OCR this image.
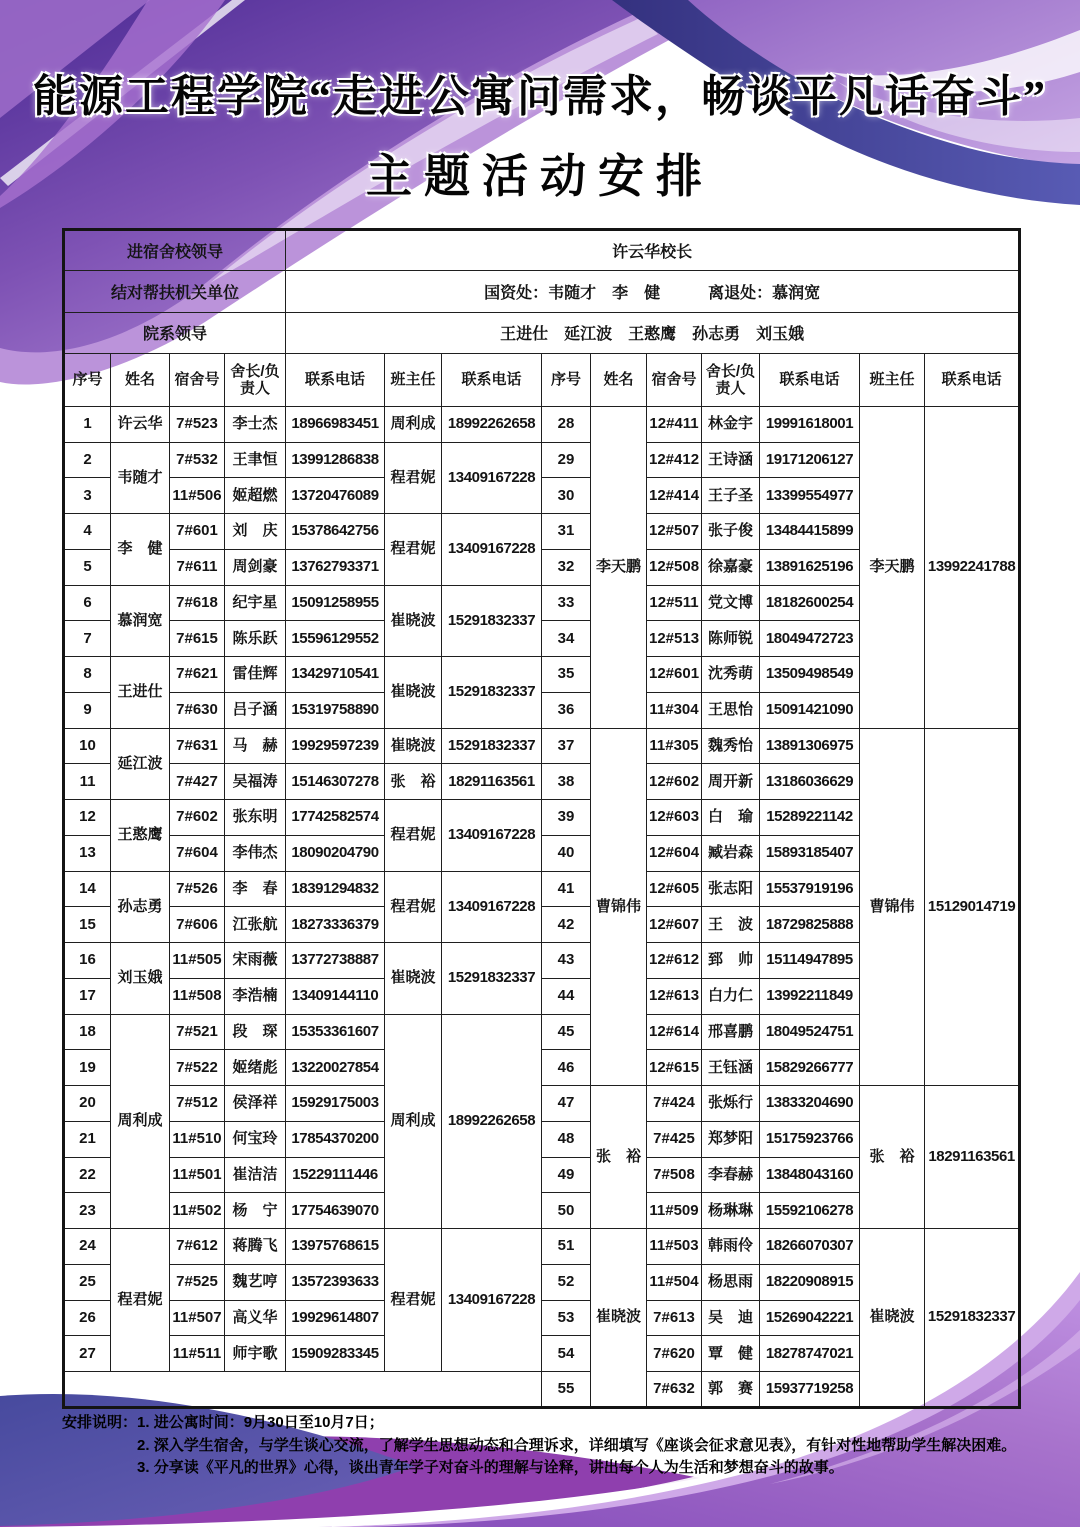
能源工程学院“走进公寓问需求，畅谈平凡话奋斗”
主题活动安排
进宿舍校领导				许云华校长									
结对帮扶机关单位				国资处：韦随才　李　健　　　离退处：慕润宽									
院系领导				王进仕　延江波　王憨鹰　孙志勇　刘玉娥									
序号	姓名	宿舍号	舍长/负责人	联系电话	班主任	联系电话	序号	姓名	宿舍号	舍长/负责人	联系电话	班主任	联系电话
1	许云华	7#523	李士杰	18966983451	周利成	18992262658	28	李天鹏	12#411	林金宇	19991618001	李天鹏	13992241788
2	韦随才	7#532	王聿恒	13991286838	程君妮	13409167228	29		12#412	王诗涵	19171206127		
3		11#506	姬超燃	13720476089			30		12#414	王子圣	13399554977		
4	李　健	7#601	刘　庆	15378642756	程君妮	13409167228	31		12#507	张子俊	13484415899		
5		7#611	周剑豪	13762793371			32		12#508	徐嘉豪	13891625196		
6	慕润宽	7#618	纪宇星	15091258955	崔晓波	15291832337	33		12#511	党文博	18182600254		
7		7#615	陈乐跃	15596129552			34		12#513	陈师锐	18049472723		
8	王进仕	7#621	雷佳辉	13429710541	崔晓波	15291832337	35		12#601	沈秀萌	13509498549		
9		7#630	吕子涵	15319758890			36		11#304	王思怡	15091421090		
10	延江波	7#631	马　赫	19929597239	崔晓波	15291832337	37	曹锦伟	11#305	魏秀怡	13891306975	曹锦伟	15129014719
11		7#427	吴福涛	15146307278	张　裕	18291163561	38		12#602	周开新	13186036629		
12	王憨鹰	7#602	张东明	17742582574	程君妮	13409167228	39		12#603	白　瑜	15289221142		
13		7#604	李伟杰	18090204790			40		12#604	臧岩森	15893185407		
14	孙志勇	7#526	李　春	18391294832	程君妮	13409167228	41		12#605	张志阳	15537919196		
15		7#606	江张航	18273336379			42		12#607	王　波	18729825888		
16	刘玉娥	11#505	宋雨薇	13772738887	崔晓波	15291832337	43		12#612	郅　帅	15114947895		
17		11#508	李浩楠	13409144110			44		12#613	白力仁	13992211849		
18	周利成	7#521	段　琛	15353361607	周利成	18992262658	45		12#614	邢喜鹏	18049524751		
19		7#522	姬绪彪	13220027854			46		12#615	王钰涵	15829266777		
20		7#512	侯泽祥	15929175003			47	张　裕	7#424	张烁行	13833204690	张　裕	18291163561
21		11#510	何宝玲	17854370200			48		7#425	郑梦阳	15175923766		
22		11#501	崔洁洁	15229111446			49		7#508	李春赫	13848043160		
23		11#502	杨　宁	17754639070			50		11#509	杨琳琳	15592106278		
24	程君妮	7#612	蒋腾飞	13975768615	程君妮	13409167228	51	崔晓波	11#503	韩雨伶	18266070307	崔晓波	15291832337
25		7#525	魏艺哼	13572393633			52		11#504	杨思雨	18220908915		
26		11#507	高义华	19929614807			53		7#613	吴　迪	15269042221		
27		11#511	师宇歌	15909283345			54		7#620	覃　健	18278747021		
							55		7#632	郭　赛	15937719258		
安排说明： 1. 进公寓时间：9月30日至10月7日；
2. 深入学生宿舍，与学生谈心交流，了解学生思想动态和合理诉求，详细填写《座谈会征求意见表》，有针对性地帮助学生解决困难。
3. 分享读《平凡的世界》心得，谈出青年学子对奋斗的理解与诠释，讲出每个人为生活和梦想奋斗的故事。
